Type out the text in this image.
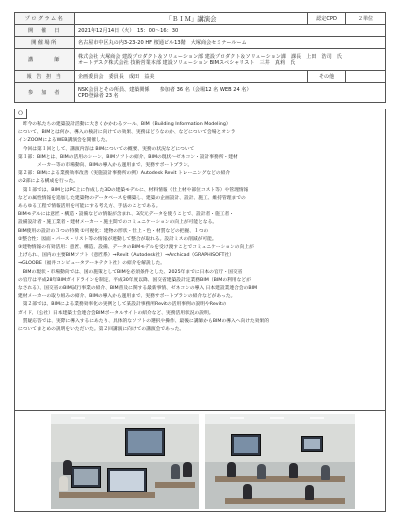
プログラム名	「ＢＩＭ」講演会	認定CPD	２単位
開　催　日	2021年12月14日（火）　15：00～16：30		
開催場所	名古屋市中区丸の内3-23-20 HF 桜通ビル13階　大塚商会セミナールーム		
講　　　師	株式会社 大塚商会 建設プロダクト＆ソリューション部 建設プロダクト＆ソリューション課　課長　上田　浩司　氏
オートデスク株式会社 技術営業本部 建設ソリューション BIMスペシャリスト　三井　真莉　氏		

報 告 担 当	企画委員会　委員長　成田　益美	その他	
参　加　者	NSK会員とその所員、建築関係　　参加者 36 名（会場12 名 WEB 24 名）
CPD登録者 23 名		
Ｏ

　昨今の私たちの建築設計活動に大きくかかわるツール、BIM（Building Information Modeling）

について、BIMとは何か、導入の検討に向けての効果、実務ほどうなのか、などについて会場とオンラ

インZOOMによるWEB講演会を開催した。

　今回は第１回として、講演内容は BIMについての概要、実務の状況などについて

第１部：BIMとは、BIMの活用のシーン、BIMソフトの紹介、BIMの現状～ゼネコン・設計事務所・建材

　　　　メーカー等の市場動向、BIMの導入から運用まで、実務サポートプラン。

第２部：BIMによる業務効率改善（実施設計事務所の例）Autodesk Revit トレーニングなどの紹介

の2部による構成を行った。

　第１部では、BIMとはPC上に作成した3Dの建築モデルに、材料情報（仕上材や部位コスト等）や管理情報

などの属性情報を追加した建築物のデータベースを構築し、建築の企画設計、設計、施工、維持管理までの

あらゆる工程で情報活用を可能にする考え方、手法のことである。

BIMモデルには意匠・構造・設備などの情報が含まれ、3次元データを使うことで、設計者・施工者・

設備設計者・施工業者・建材メーカー・施主間でのコミュニケーションの向上が可能となる。

BIM使用の設計の３つの特徴 ①可視化：建物の形状・仕上・色・材質などの把握、１つの

②整合性：図面・パース・リスト等の情報が連動して整合が取れる。設計ミスの削減が可能。

③建物情報の有効活用：意匠、構造、設備、データのBIMモデルを受け渡すことでコミュニケーションの向上が

上げられ、国内の主要BIMソフト（意匠系）→Revit（Autodesk社）→Archicad（GRAPHISOFT社）

→GLOOBE（福井コンピュータアーキテクト社）の紹介を解説した。

　BIMの現状・市場動向では、国の施策としてBIMを必須条件とした、2025年までに日本の官庁・国交省

の官庁は平成28年BIMガイドラインを制定、平成30年度以降、国交省建築設計定業務BIM（BIMの利用などが

なされる）、国交省のBIM試行事業の紹介、BIM普及に関する最新事情、ゼネコンの導入 日本建設業連合会のBIM

建材メーカーの取り組みの紹介、BIMの導入から運用まで、実務サポートプランの紹介などがあった。

　第２部では、BIMによる業務効率化の実例として某設計事務所Revitの活用事例の説明やRevitの

ガイド、（公社）日本建築士会連合会BIMポータルサイトの紹介など、実務活用状況の説明。

　質疑応答では、実際に導入するにあたり、具体的なソフトの選択や操作、最後に講師からBIMの導入へ向けた効果的

についてまとめの説明をいただいた。第２回講演に向けての講演会であった。
